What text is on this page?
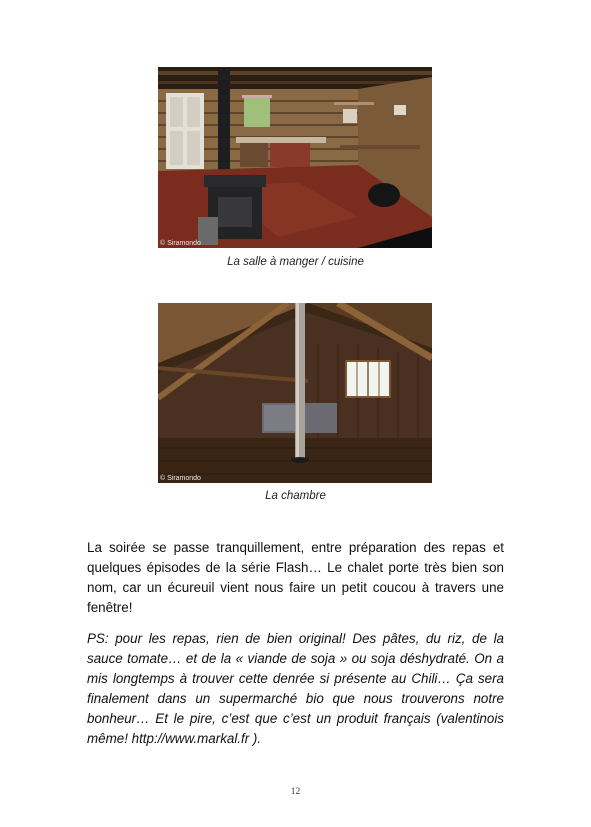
© Siramondo
La salle à manger / cuisine
© Siramondo
La chambre

La soirée se passe tranquillement, entre préparation des repas et quelques épisodes de la série Flash… Le chalet porte très bien son nom, car un écureuil vient nous faire un petit coucou à travers une fenêtre!

PS: pour les repas, rien de bien original! Des pâtes, du riz, de la sauce tomate… et de la « viande de soja » ou soja déshydraté. On a mis longtemps à trouver cette denrée si présente au Chili… Ça sera finalement dans un supermarché bio que nous trouverons notre bonheur… Et le pire, c’est que c’est un produit français (valentinois même! http://www.markal.fr ).

12
